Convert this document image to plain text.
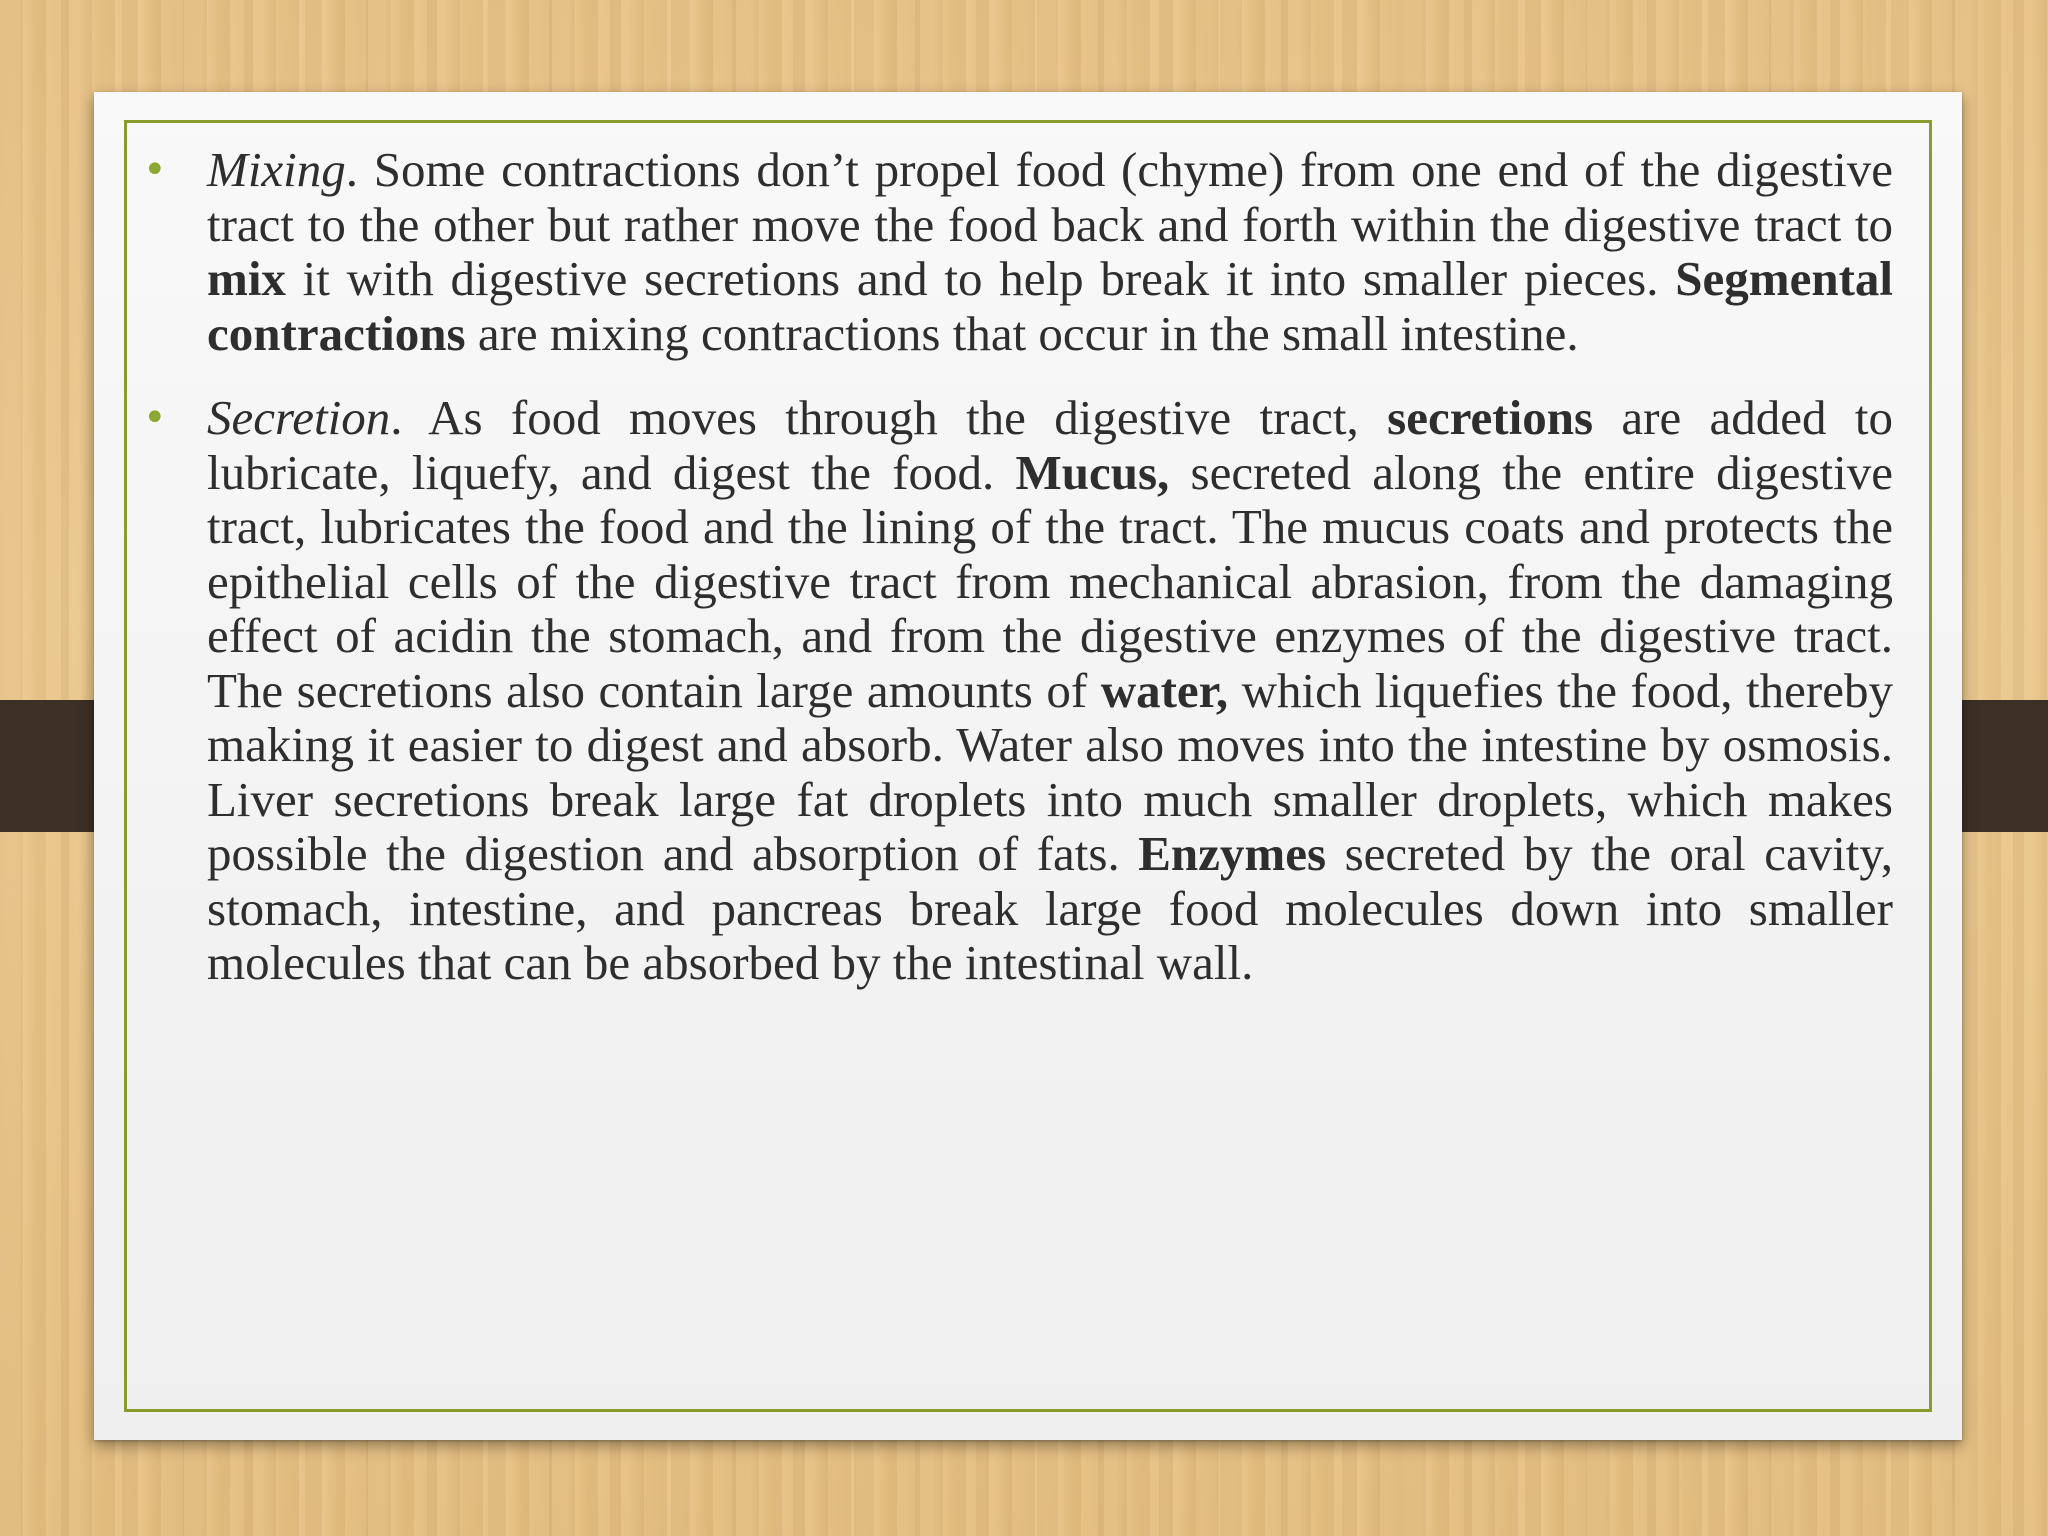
• Mixing. Some contractions don’t propel food (chyme) from one end of the digestive tract to the other but rather move the food back and forth within the digestive tract to mix it with digestive secretions and to help break it into smaller pieces. Segmental contractions are mixing contractions that occur in the small intestine.
• Secretion. As food moves through the digestive tract, secretions are added to lubricate, liquefy, and digest the food. Mucus, secreted along the entire digestive tract, lubricates the food and the lining of the tract. The mucus coats and protects the epithelial cells of the digestive tract from mechanical abrasion, from the damaging effect of acidin the stomach, and from the digestive enzymes of the digestive tract. The secretions also contain large amounts of water, which liquefies the food, thereby making it easier to digest and absorb. Water also moves into the intestine by osmosis. Liver secretions break large fat droplets into much smaller droplets, which makes possible the digestion and absorption of fats. Enzymes secreted by the oral cavity, stomach, intestine, and pancreas break large food molecules down into smaller molecules that can be absorbed by the intestinal wall.
